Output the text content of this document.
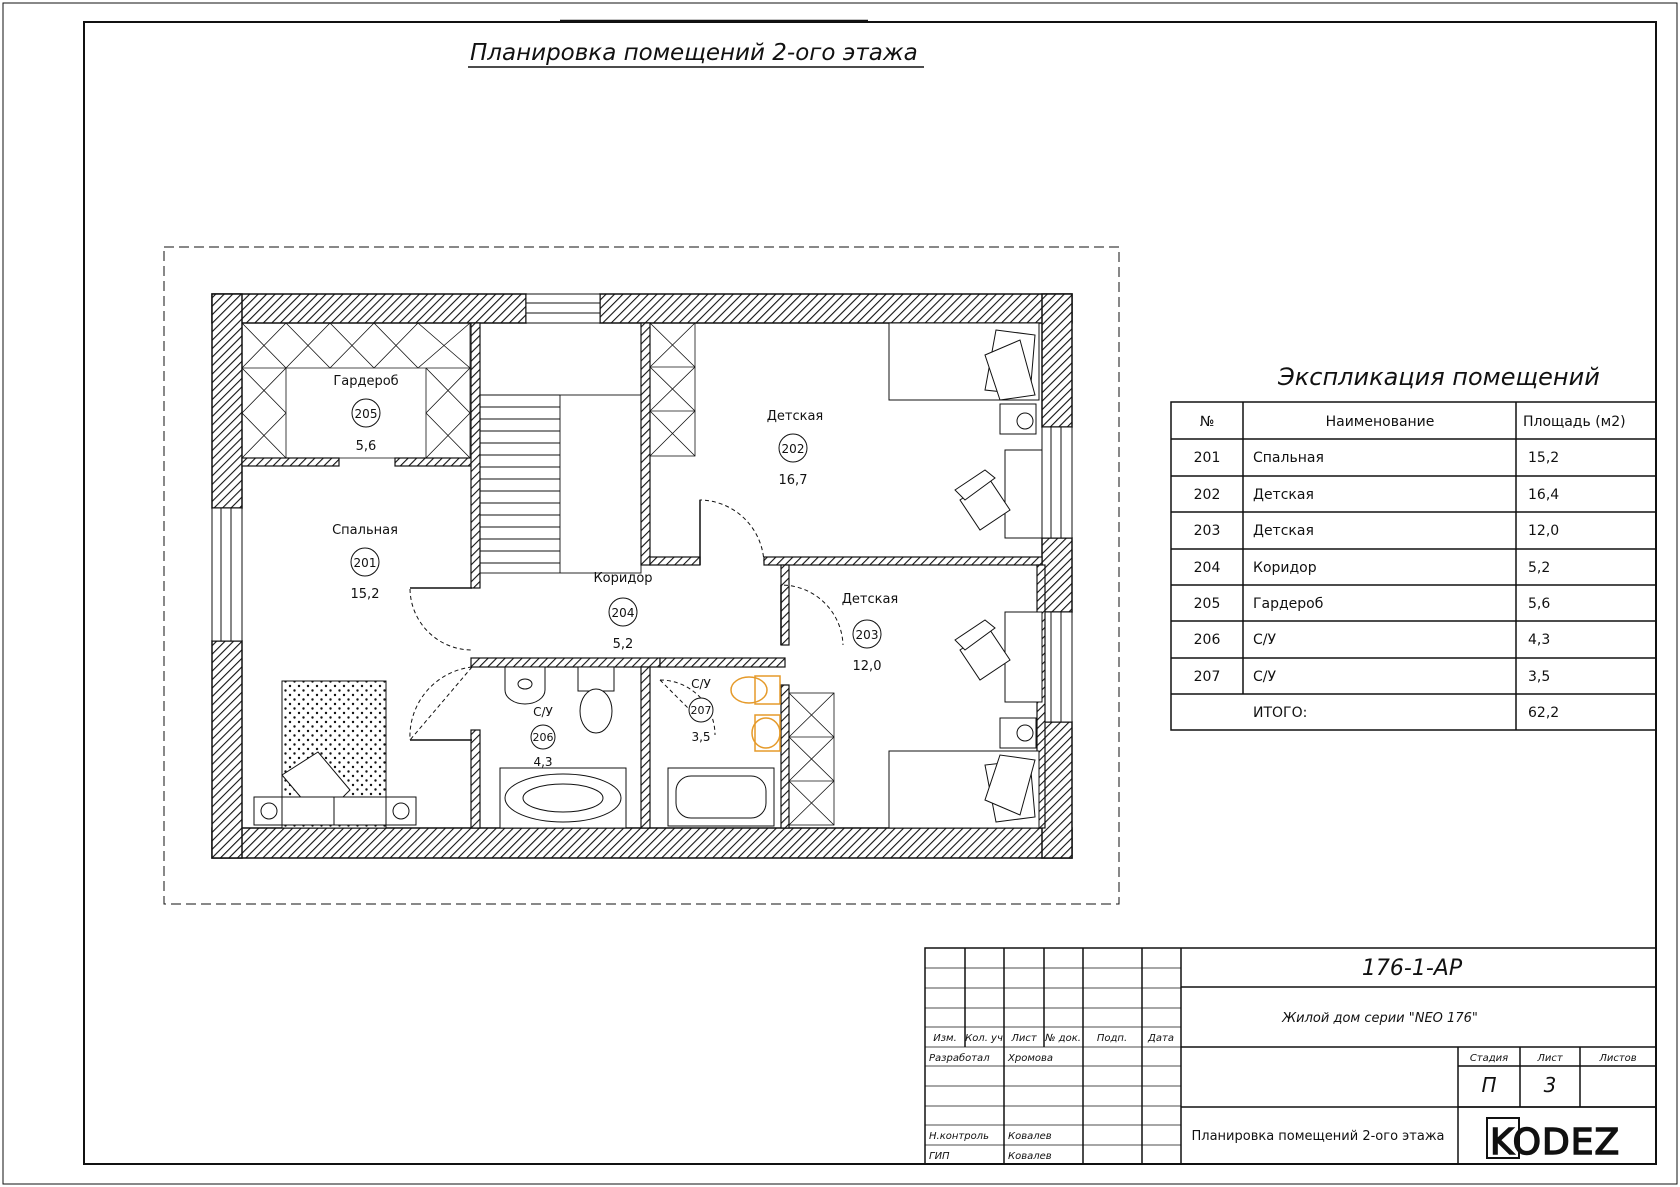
Планировка помещений 2-ого этажа
Гардероб
205
5,6
Детская
202
16,7
Спальная
201
15,2
Коридор
204
5,2
Детская
203
12,0
С/У
206
4,3
С/У
207
3,5
Экспликация помещений
№	Наименование	Площадь (м2)
201 Спальная	15,2
202 Детская	16,4
203 Детская	12,0
204 Коридор	5,2
205 Гардероб	5,6
206 С/У	4,3
207 С/У	3,5
ИТОГО:	62,2
176-1-АР
Жилой дом серии "NEO 176"
Изм. Кол. уч Лист № док. Подп. Дата
Разработал Хромова
Н.контроль Ковалев
ГИП	Ковалев
Стадия	Лист	Листов
П 3
Планировка помещений 2-ого этажа KODEZ
